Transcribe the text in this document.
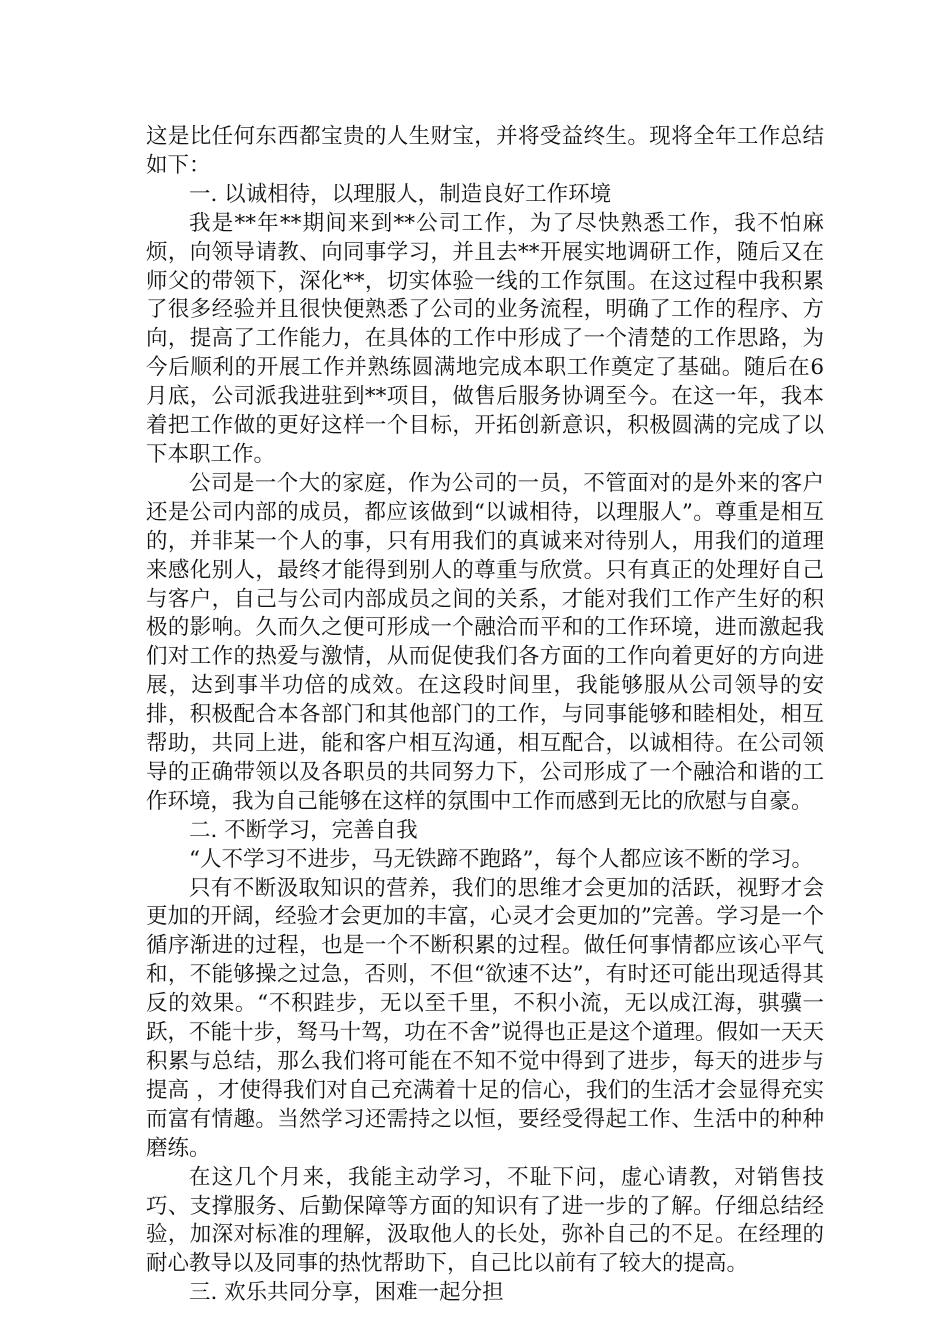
这是比任何东西都宝贵的人生财宝，并将受益终生。现将全年工作总结如下：

一. 以诚相待，以理服人，制造良好工作环境

我是**年**期间来到**公司工作，为了尽快熟悉工作，我不怕麻烦，向领导请教、向同事学习，并且去**开展实地调研工作，随后又在师父的带领下，深化**，切实体验一线的工作氛围。在这过程中我积累了很多经验并且很快便熟悉了公司的业务流程，明确了工作的程序、方向，提高了工作能力，在具体的工作中形成了一个清楚的工作思路，为今后顺利的开展工作并熟练圆满地完成本职工作奠定了基础。随后在6月底，公司派我进驻到**项目，做售后服务协调至今。在这一年，我本着把工作做的更好这样一个目标，开拓创新意识，积极圆满的完成了以下本职工作。

公司是一个大的家庭，作为公司的一员，不管面对的是外来的客户还是公司内部的成员，都应该做到“以诚相待，以理服人”。尊重是相互的，并非某一个人的事，只有用我们的真诚来对待别人，用我们的道理来感化别人，最终才能得到别人的尊重与欣赏。只有真正的处理好自己与客户，自己与公司内部成员之间的关系，才能对我们工作产生好的积极的影响。久而久之便可形成一个融洽而平和的工作环境，进而激起我们对工作的热爱与激情，从而促使我们各方面的工作向着更好的方向进展，达到事半功倍的成效。在这段时间里，我能够服从公司领导的安排，积极配合本各部门和其他部门的工作，与同事能够和睦相处，相互帮助，共同上进，能和客户相互沟通，相互配合，以诚相待。在公司领导的正确带领以及各职员的共同努力下，公司形成了一个融洽和谐的工作环境，我为自己能够在这样的氛围中工作而感到无比的欣慰与自豪。

二. 不断学习，完善自我

“人不学习不进步，马无铁蹄不跑路”，每个人都应该不断的学习。

只有不断汲取知识的营养，我们的思维才会更加的活跃，视野才会更加的开阔，经验才会更加的丰富，心灵才会更加的”完善。学习是一个循序渐进的过程，也是一个不断积累的过程。做任何事情都应该心平气和，不能够操之过急，否则，不但“欲速不达”，有时还可能出现适得其反的效果。“不积跬步，无以至千里，不积小流，无以成江海，骐骥一跃，不能十步，驽马十驾，功在不舍”说得也正是这个道理。假如一天天积累与总结，那么我们将可能在不知不觉中得到了进步，每天的进步与提高 ，才使得我们对自己充满着十足的信心，我们的生活才会显得充实而富有情趣。当然学习还需持之以恒，要经受得起工作、生活中的种种磨练。

在这几个月来，我能主动学习，不耻下问，虚心请教，对销售技巧、支撑服务、后勤保障等方面的知识有了进一步的了解。仔细总结经验，加深对标准的理解，汲取他人的长处，弥补自己的不足。在经理的耐心教导以及同事的热忱帮助下，自己比以前有了较大的提高。

三. 欢乐共同分享，困难一起分担
